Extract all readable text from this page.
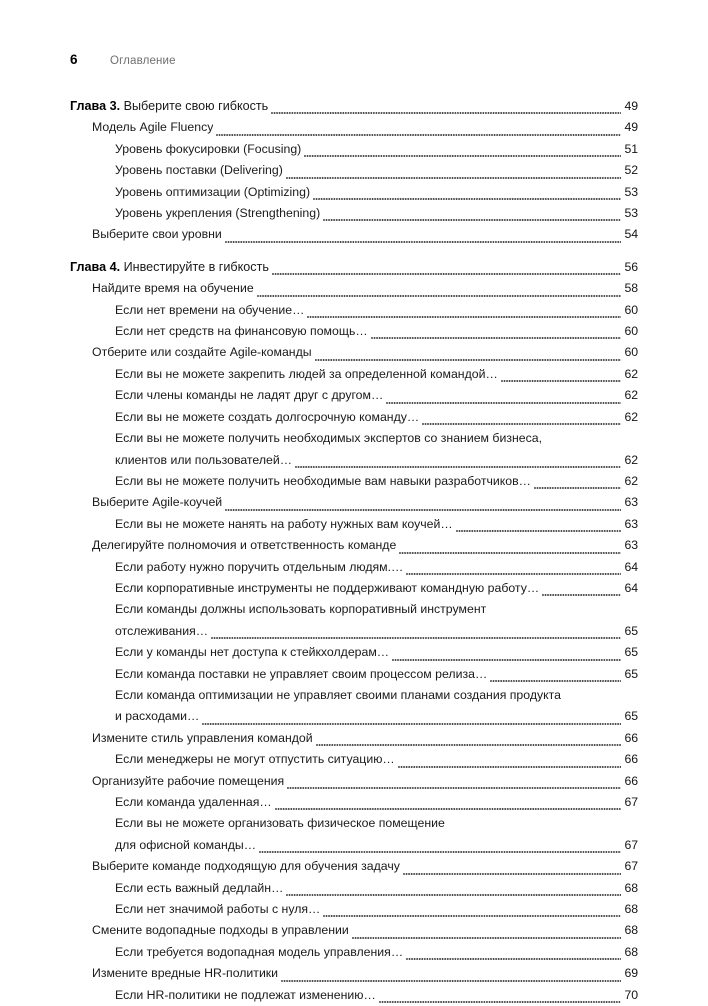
6	Оглавление
Глава 3. Выберите свою гибкость	49
Модель Agile Fluency	49
Уровень фокусировки (Focusing)	51
Уровень поставки (Delivering)	52
Уровень оптимизации (Optimizing)	53
Уровень укрепления (Strengthening)	53
Выберите свои уровни	54
Глава 4. Инвестируйте в гибкость	56
Найдите время на обучение	58
Если нет времени на обучение…	60
Если нет средств на финансовую помощь…	60
Отберите или создайте Agile-команды	60
Если вы не можете закрепить людей за определенной командой…	62
Если члены команды не ладят друг с другом…	62
Если вы не можете создать долгосрочную команду…	62
Если вы не можете получить необходимых экспертов со знанием бизнеса,
клиентов или пользователей…	62
Если вы не можете получить необходимые вам навыки разработчиков…	62
Выберите Agile-коучей	63
Если вы не можете нанять на работу нужных вам коучей…	63
Делегируйте полномочия и ответственность команде	63
Если работу нужно поручить отдельным людям.…	64
Если корпоративные инструменты не поддерживают командную работу…	64
Если команды должны использовать корпоративный инструмент
отслеживания…	65
Если у команды нет доступа к стейкхолдерам…	65
Если команда поставки не управляет своим процессом релиза…	65
Если команда оптимизации не управляет своими планами создания продукта
и расходами…	65
Измените стиль управления командой	66
Если менеджеры не могут отпустить ситуацию…	66
Организуйте рабочие помещения	66
Если команда удаленная…	67
Если вы не можете организовать физическое помещение
для офисной команды…	67
Выберите команде подходящую для обучения задачу	67
Если есть важный дедлайн…	68
Если нет значимой работы с нуля…	68
Смените водопадные подходы в управлении	68
Если требуется водопадная модель управления…	68
Измените вредные HR-политики	69
Если HR-политики не подлежат изменению…	70
